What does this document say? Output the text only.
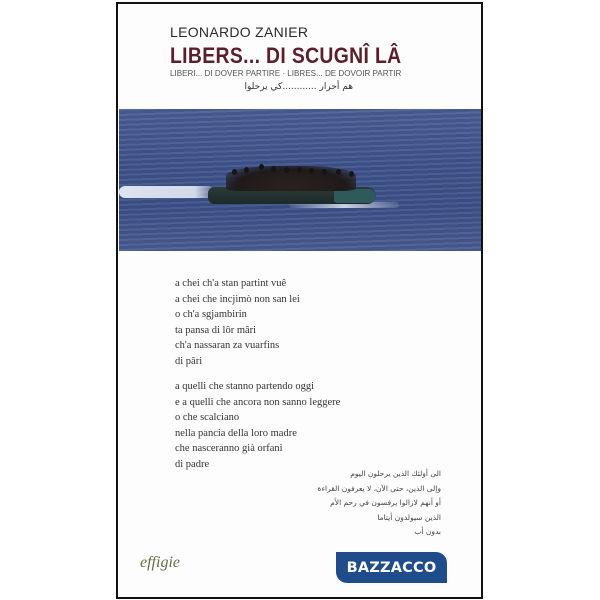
LEONARDO ZANIER
LIBERS... DI SCUGNÎ LÂ
LIBERI... DI DOVER PARTIRE · LIBRES... DE DOVOIR PARTIR
هم أحرار ............كي يرحلوا
a chei ch'a stan partint vuê
a chei che incjimò non san lei
o ch'a sgjambirin
ta pansa di lôr mâri
ch'a nassaran za vuarfins
di pâri
a quelli che stanno partendo oggi
e a quelli che ancora non sanno leggere
o che scalciano
nella pancia della loro madre
che nasceranno già orfani
di padre
الى أولئك الذين يرحلون اليوم
وإلى الذين، حتى الآن، لا يعرفون القراءة
أو أنهم لازالوا يرفسون في رحم الأم
الذين سيولدون أيتاما
بدون أب
effigie	BAZZACCO
